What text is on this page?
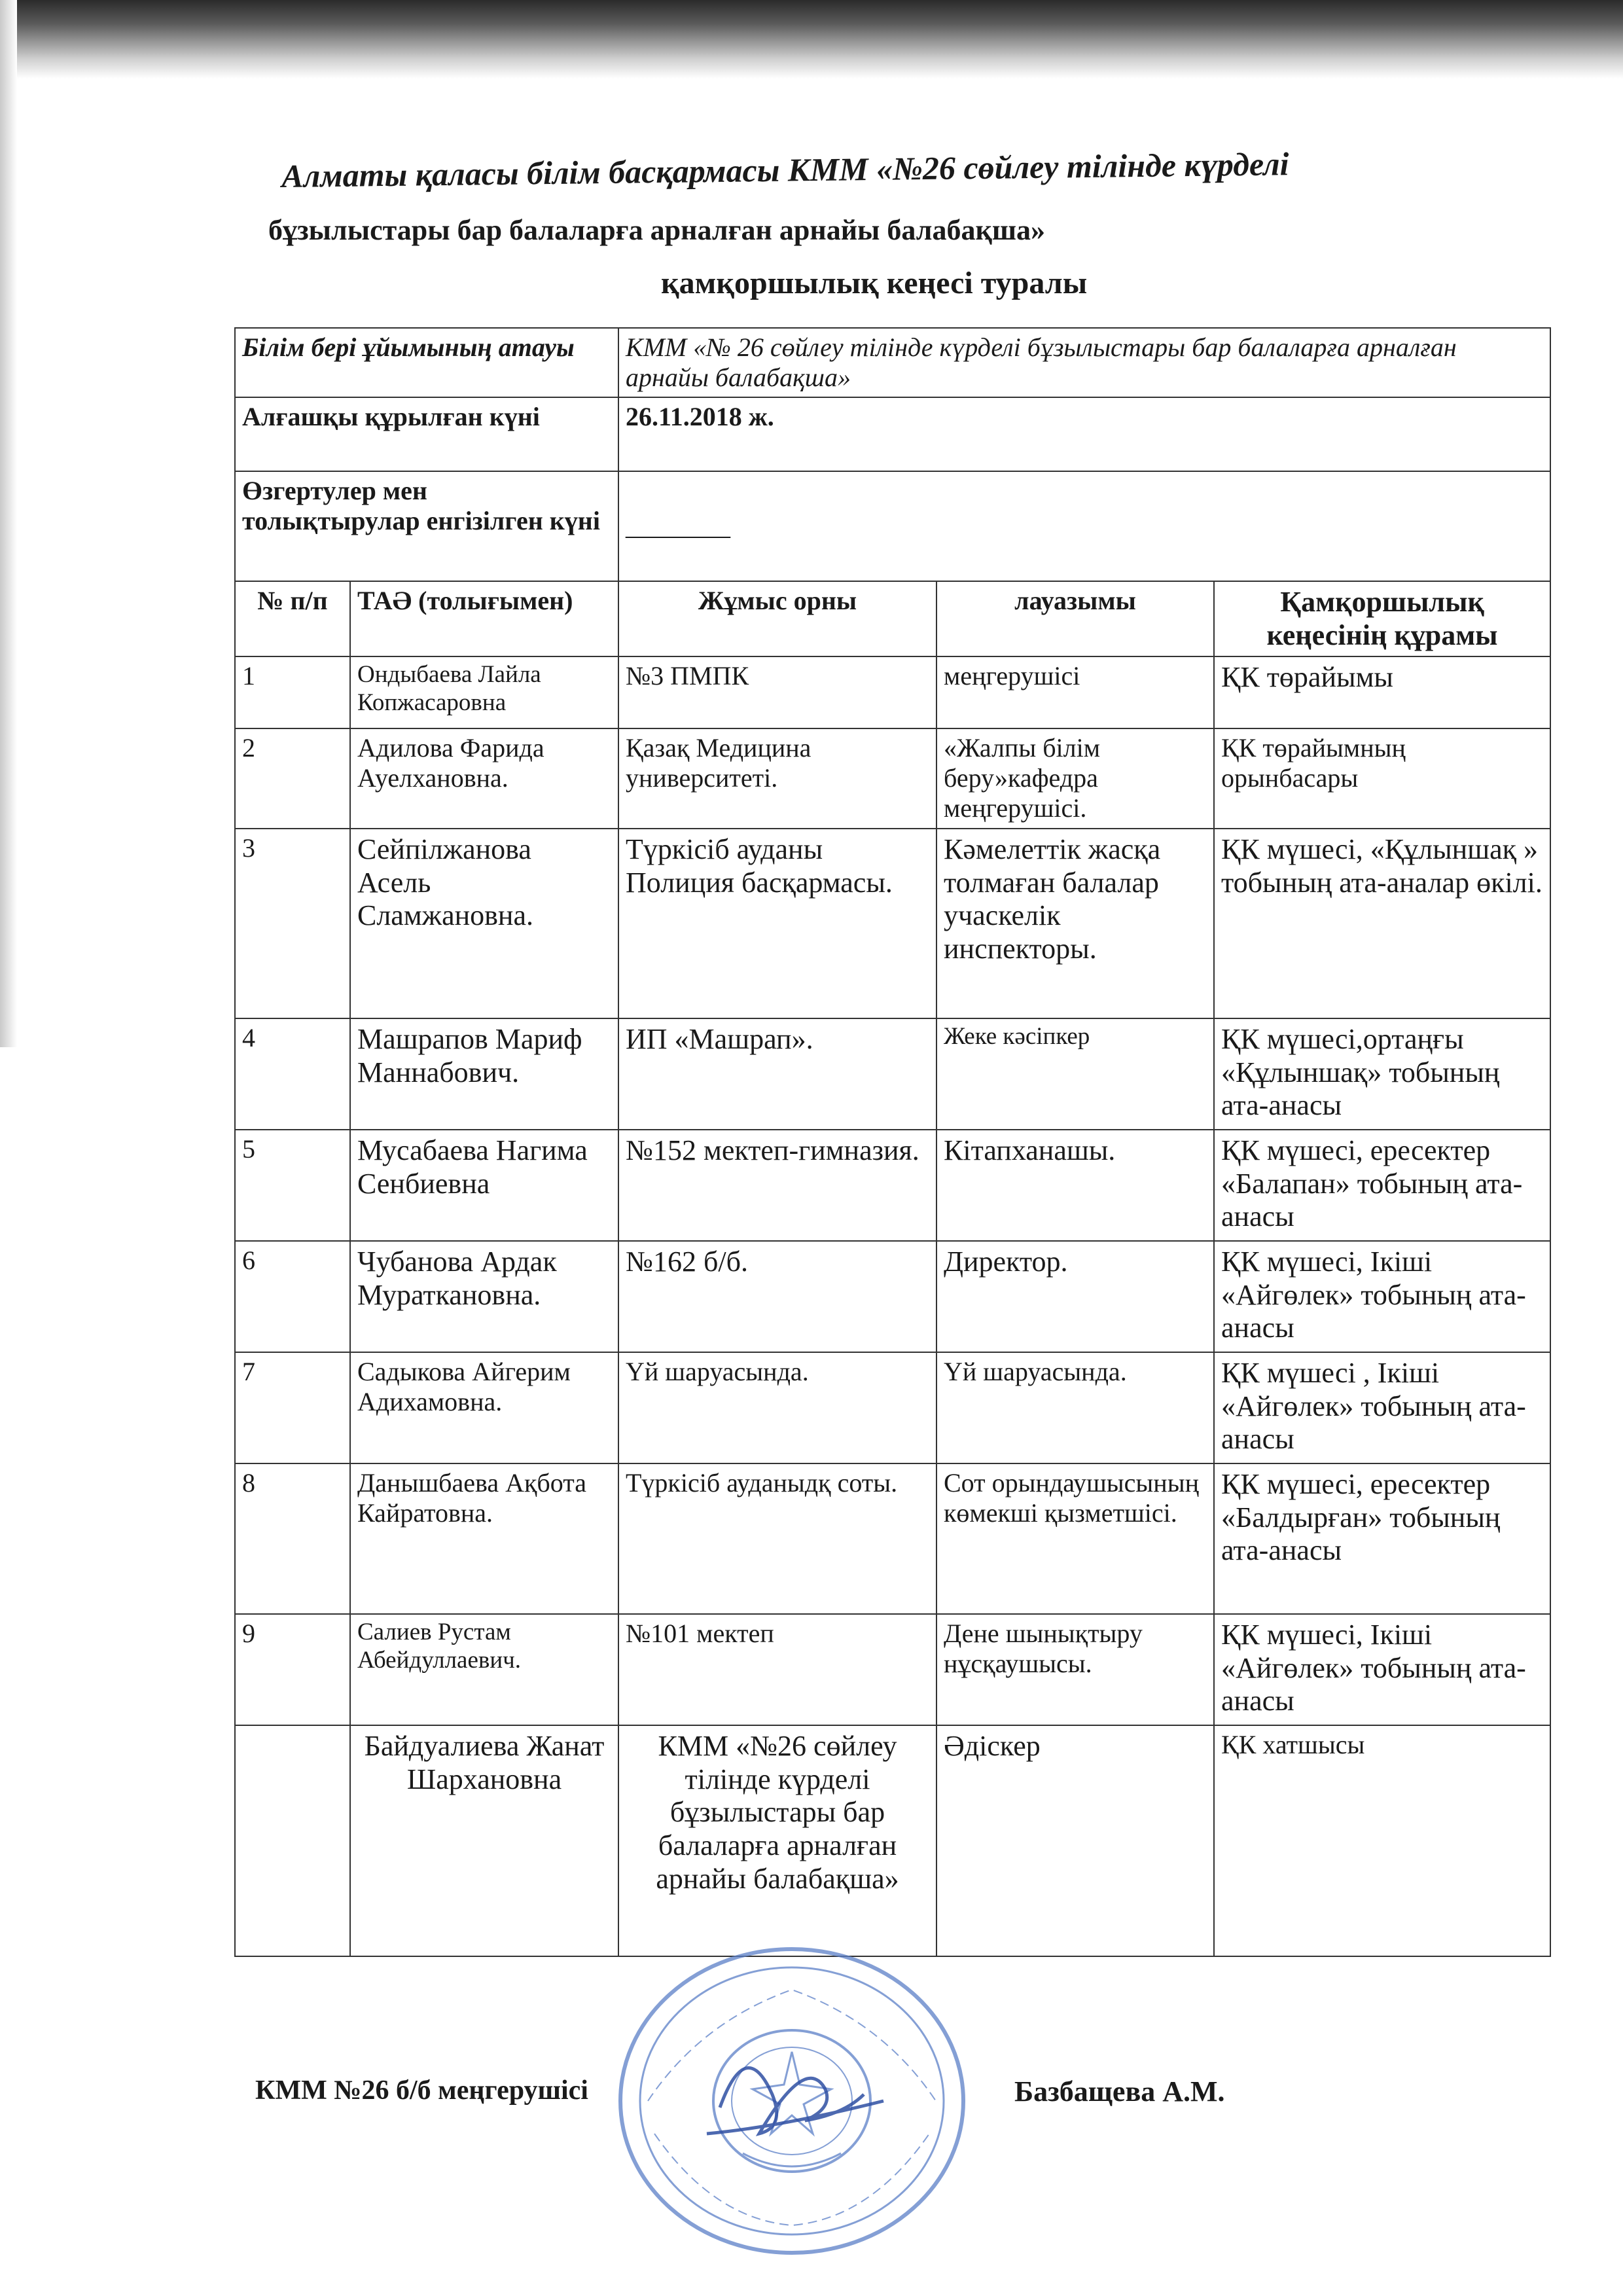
Алматы қаласы білім басқармасы КММ «№26 сөйлеу тілінде күрделі
бұзылыстары бар балаларға арналған арнайы балабақша»
қамқоршылық кеңесі туралы
Білім бері ұйымының атауы		КММ «№ 26 сөйлеу тілінде күрделі бұзылыстары бар балаларға арналған арнайы балабақша»		
Алғашқы құрылған күні		26.11.2018 ж.		
Өзгертулер мен толықтырулар енгізілген күні		________		
№ п/п	ТАӘ (толығымен)	Жұмыс орны	лауазымы	Қамқоршылық кеңесінің құрамы
1	Ондыбаева Лайла Копжасаровна	№3 ПМПК	меңгерушісі	ҚК төрайымы
2	Адилова Фарида Ауелхановна.	Қазақ Медицина университеті.	«Жалпы білім беру»кафедра меңгерушісі.	ҚК төрайымның орынбасары
3	Сейпілжанова Асель Сламжановна.	Түркісіб ауданы Полиция басқармасы.	Кәмелеттік жасқа толмаған балалар учаскелік инспекторы.	ҚК мүшесі, «Құлыншақ » тобының ата-аналар өкілі.
4	Машрапов Мариф Маннабович.	ИП «Машрап».	Жеке кәсіпкер	ҚК мүшесі,ортаңғы «Құлыншақ» тобының ата-анасы
5	Мусабаева Нагима Сенбиевна	№152 мектеп-гимназия.	Кітапханашы.	ҚК мүшесі, ересектер «Балапан» тобының ата-анасы
6	Чубанова Ардак Мураткановна.	№162 б/б.	Директор.	ҚК мүшесі, Ікіші «Айгөлек» тобының ата-анасы
7	Садыкова Айгерим Адихамовна.	Үй шаруасында.	Үй шаруасында.	ҚК мүшесі , Ікіші «Айгөлек» тобының ата-анасы
8	Данышбаева Ақбота Кайратовна.	Түркісіб ауданыдқ соты.	Сот орындаушысының көмекші қызметшісі.	ҚК мүшесі, ересектер «Балдырған» тобының ата-анасы
9	Салиев Рустам Абейдуллаевич.	№101 мектеп	Дене шынықтыру нұсқаушысы.	ҚК мүшесі, Ікіші «Айгөлек» тобының ата-анасы
	Байдуалиева Жанат Шархановна	КММ «№26 сөйлеу тілінде күрделі бұзылыстары бар балаларға арналған арнайы балабақша»	Әдіскер	ҚК хатшысы
КММ №26 б/б меңгерушісі	Базбащева А.М.
